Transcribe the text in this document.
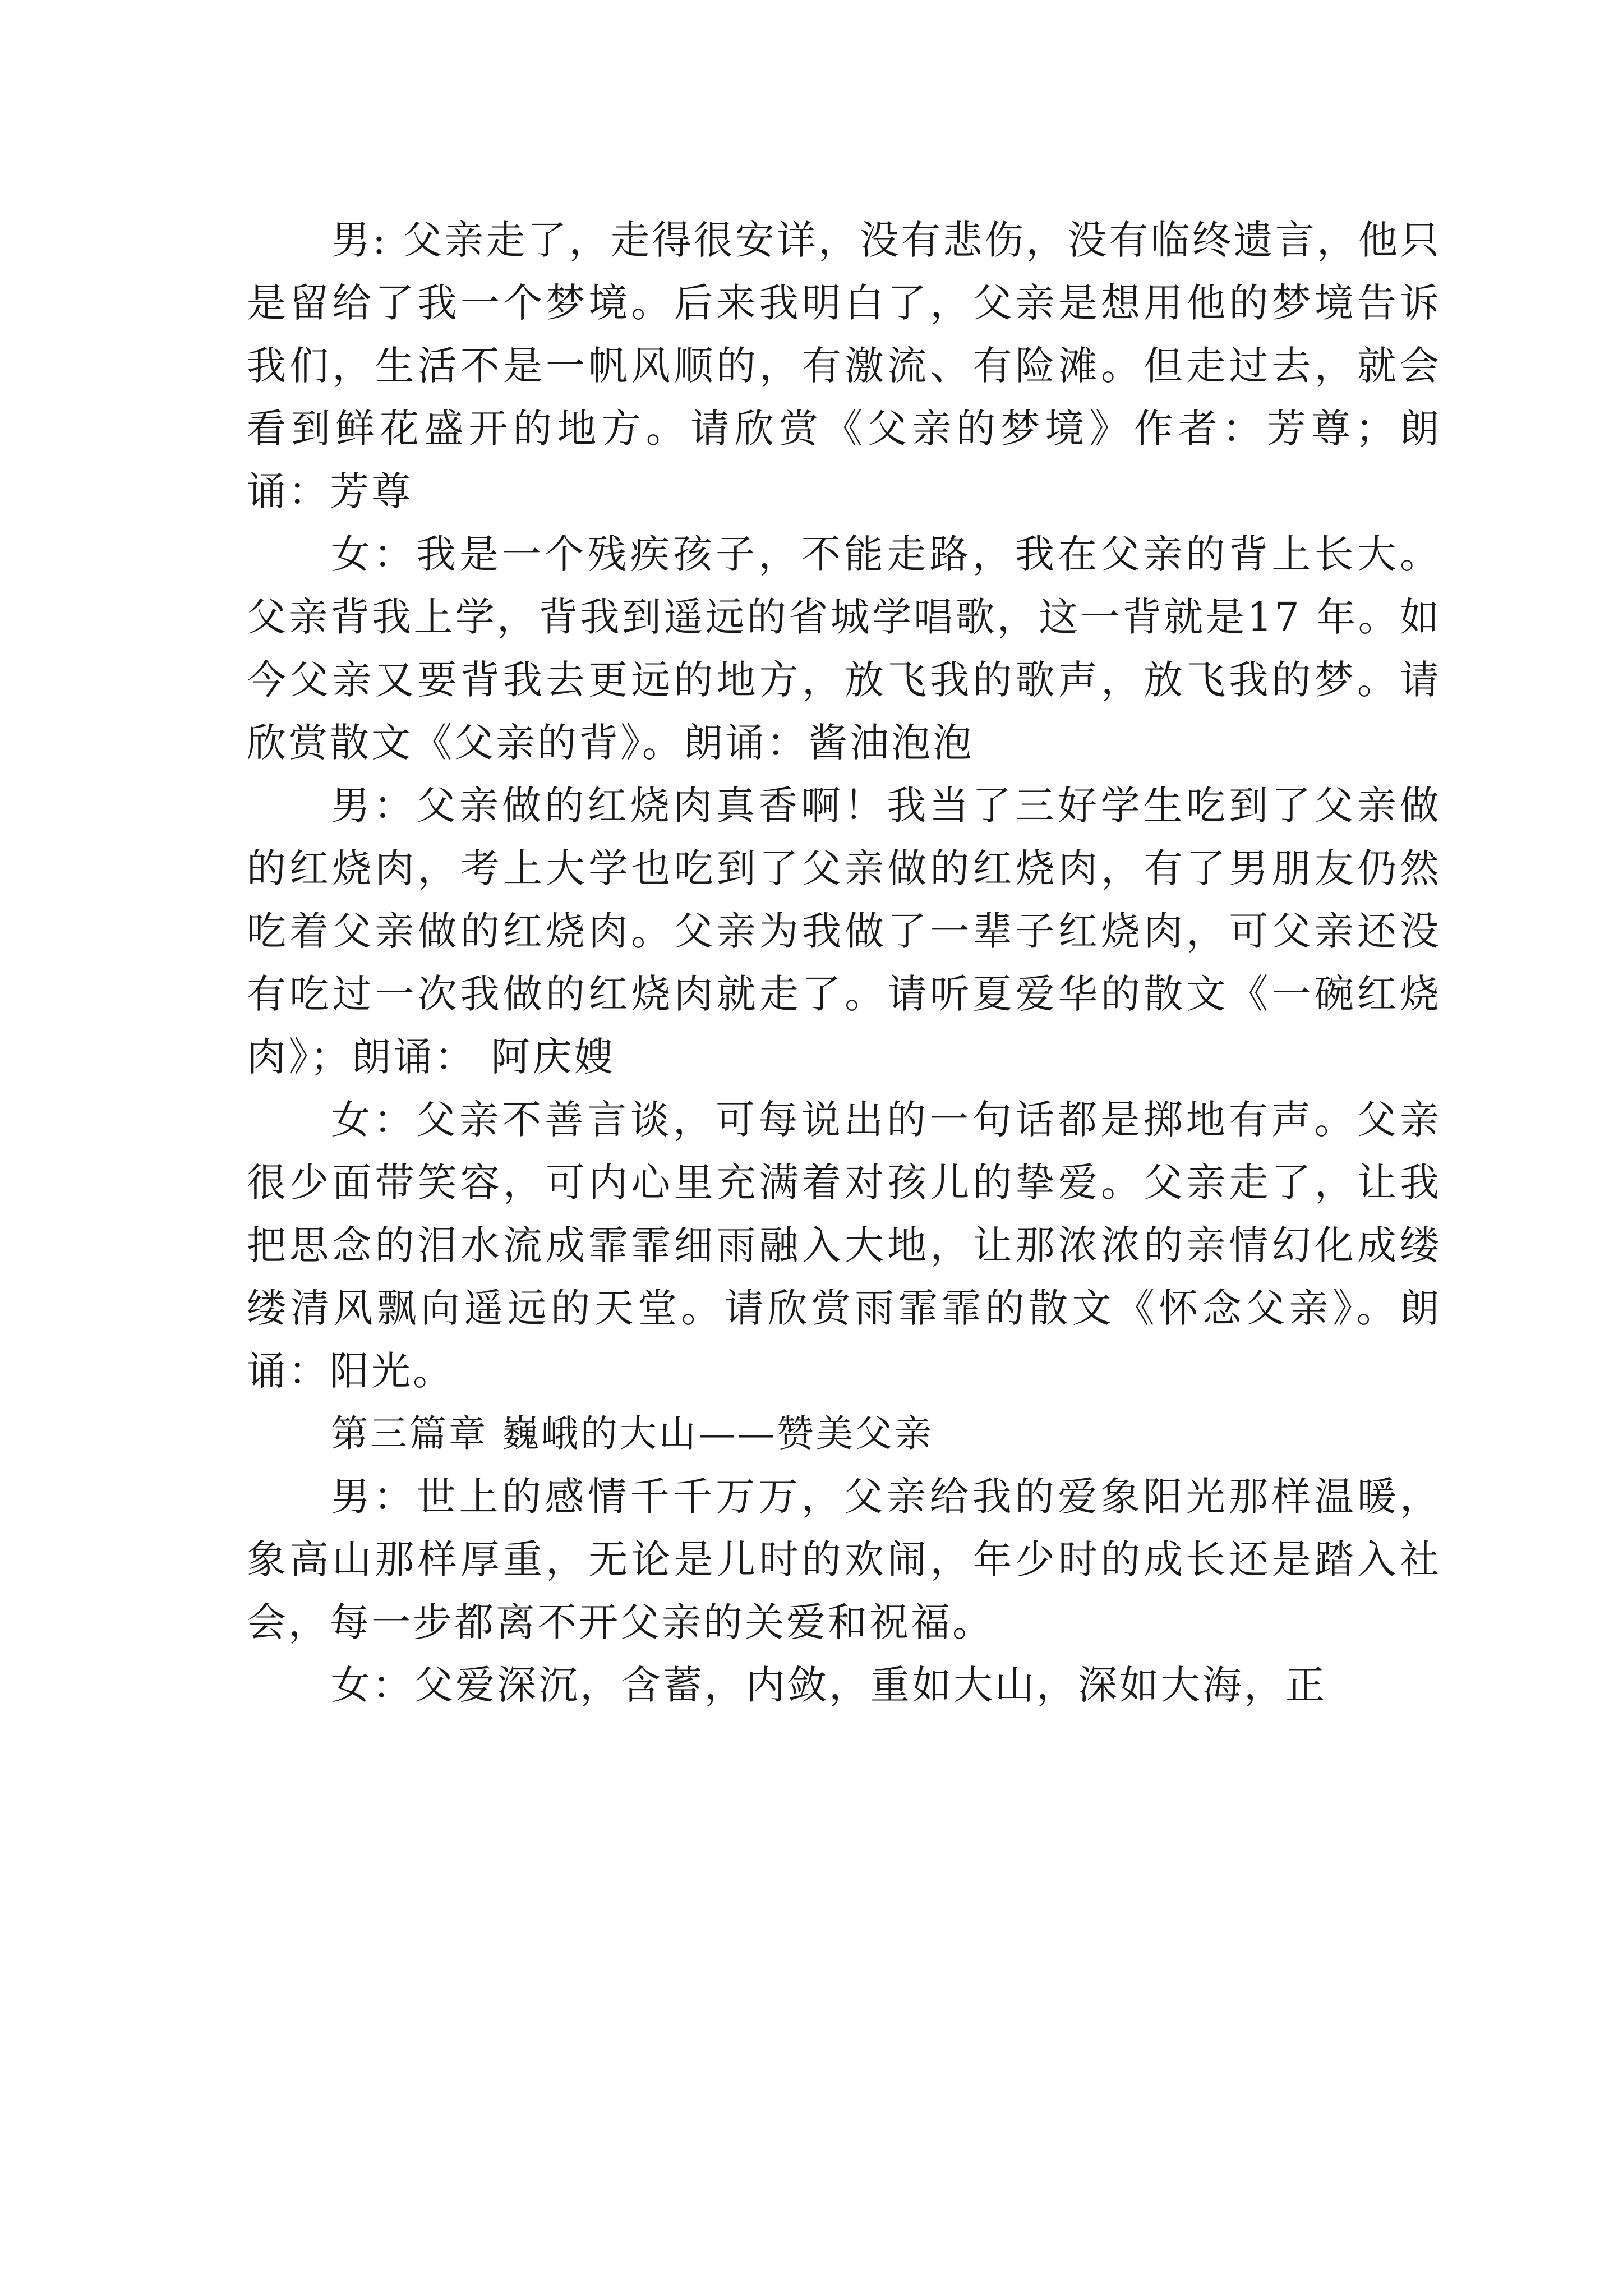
男: 父亲走了，走得很安详，没有悲伤，没有临终遗言，他只是留给了我一个梦境。后来我明白了，父亲是想用他的梦境告诉我们，生活不是一帆风顺的，有激流、有险滩。但走过去，就会看到鲜花盛开的地方。请欣赏《父亲的梦境》作者：芳尊；朗诵：芳尊

女：我是一个残疾孩子，不能走路，我在父亲的背上长大。父亲背我上学，背我到遥远的省城学唱歌，这一背就是17 年。如今父亲又要背我去更远的地方，放飞我的歌声，放飞我的梦。请欣赏散文《父亲的背》。朗诵：酱油泡泡

男：父亲做的红烧肉真香啊！我当了三好学生吃到了父亲做的红烧肉，考上大学也吃到了父亲做的红烧肉，有了男朋友仍然吃着父亲做的红烧肉。父亲为我做了一辈子红烧肉，可父亲还没有吃过一次我做的红烧肉就走了。请听夏爱华的散文《一碗红烧肉》；朗诵： 阿庆嫂

女：父亲不善言谈，可每说出的一句话都是掷地有声。父亲很少面带笑容，可内心里充满着对孩儿的挚爱。父亲走了，让我把思念的泪水流成霏霏细雨融入大地，让那浓浓的亲情幻化成缕缕清风飘向遥远的天堂。请欣赏雨霏霏的散文《怀念父亲》。朗诵：阳光。

第三篇章 巍峨的大山——赞美父亲

男：世上的感情千千万万，父亲给我的爱象阳光那样温暖，象高山那样厚重，无论是儿时的欢闹，年少时的成长还是踏入社会，每一步都离不开父亲的关爱和祝福。

女：父爱深沉，含蓄，内敛，重如大山，深如大海，正
